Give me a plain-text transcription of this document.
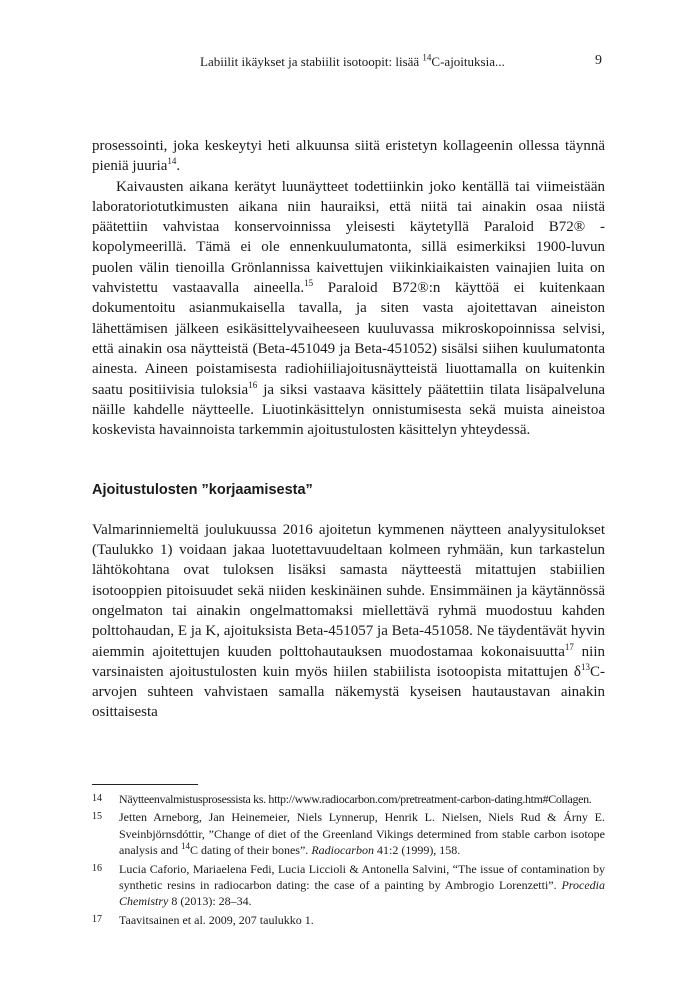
Labiilit ikäykset ja stabiilit isotoopit: lisää $^{14}$C-ajoituksia...	9

prosessointi, joka keskeytyi heti alkuunsa siitä eristetyn kollageenin ollessa täynnä pieniä juuria$^{14}$.

Kaivausten aikana kerätyt luunäytteet todettiinkin joko kentällä tai viimeistään laboratoriotutkimusten aikana niin hauraiksi, että niitä tai ainakin osaa niistä päätettiin vahvistaa konservoinnissa yleisesti käytetyllä Paraloid B72® -kopolymeerillä. Tämä ei ole ennenkuulumatonta, sillä esimerkiksi 1900-luvun puolen välin tienoilla Grönlannissa kaivettujen viikinkiaikaisten vainajien luita on vahvistettu vastaavalla aineella.$^{15}$ Paraloid B72®:n käyttöä ei kuitenkaan dokumentoitu asianmukaisella tavalla, ja siten vasta ajoitettavan aineiston lähettämisen jälkeen esikäsittelyvaiheeseen kuuluvassa mikroskopoinnissa selvisi, että ainakin osa näytteistä (Beta-451049 ja Beta-451052) sisälsi siihen kuulumatonta ainesta. Aineen poistamisesta radiohiiliajoitusnäytteistä liuottamalla on kuitenkin saatu positiivisia tuloksia$^{16}$ ja siksi vastaava käsittely päätettiin tilata lisäpalveluna näille kahdelle näytteelle. Liuotinkäsittelyn onnistumisesta sekä muista aineistoa koskevista havainnoista tarkemmin ajoitustulosten käsittelyn yhteydessä.

Ajoitustulosten ”korjaamisesta”

Valmarinniemeltä joulukuussa 2016 ajoitetun kymmenen näytteen analyysitulokset (Taulukko 1) voidaan jakaa luotettavuudeltaan kolmeen ryhmään, kun tarkastelun lähtökohtana ovat tuloksen lisäksi samasta näytteestä mitattujen stabiilien isotooppien pitoisuudet sekä niiden keskinäinen suhde. Ensimmäinen ja käytännössä ongelmaton tai ainakin ongelmattomaksi miellettävä ryhmä muodostuu kahden polttohaudan, E ja K, ajoituksista Beta-451057 ja Beta-451058. Ne täydentävät hyvin aiemmin ajoitettujen kuuden polttohautauksen muodostamaa kokonaisuutta$^{17}$ niin varsinaisten ajoitustulosten kuin myös hiilen stabiilista isotoopista mitattujen $\delta^{13}C$-arvojen suhteen vahvistaen samalla näkemystä kyseisen hautaustavan ainakin osittaisesta

14	Näytteenvalmistusprosessista ks. http://www.radiocarbon.com/pretreatment-carbon-dating.htm#Collagen.
15	Jetten Arneborg, Jan Heinemeier, Niels Lynnerup, Henrik L. Nielsen, Niels Rud & Árny E. Sveinbjörnsdóttir, ”Change of diet of the Greenland Vikings determined from stable carbon isotope analysis and $^{14}$C dating of their bones”. Radiocarbon 41:2 (1999), 158.
16	Lucia Caforio, Mariaelena Fedi, Lucia Liccioli & Antonella Salvini, “The issue of contamination by synthetic resins in radiocarbon dating: the case of a painting by Ambrogio Lorenzetti”. Procedia Chemistry 8 (2013): 28–34.
17	Taavitsainen et al. 2009, 207 taulukko 1.
